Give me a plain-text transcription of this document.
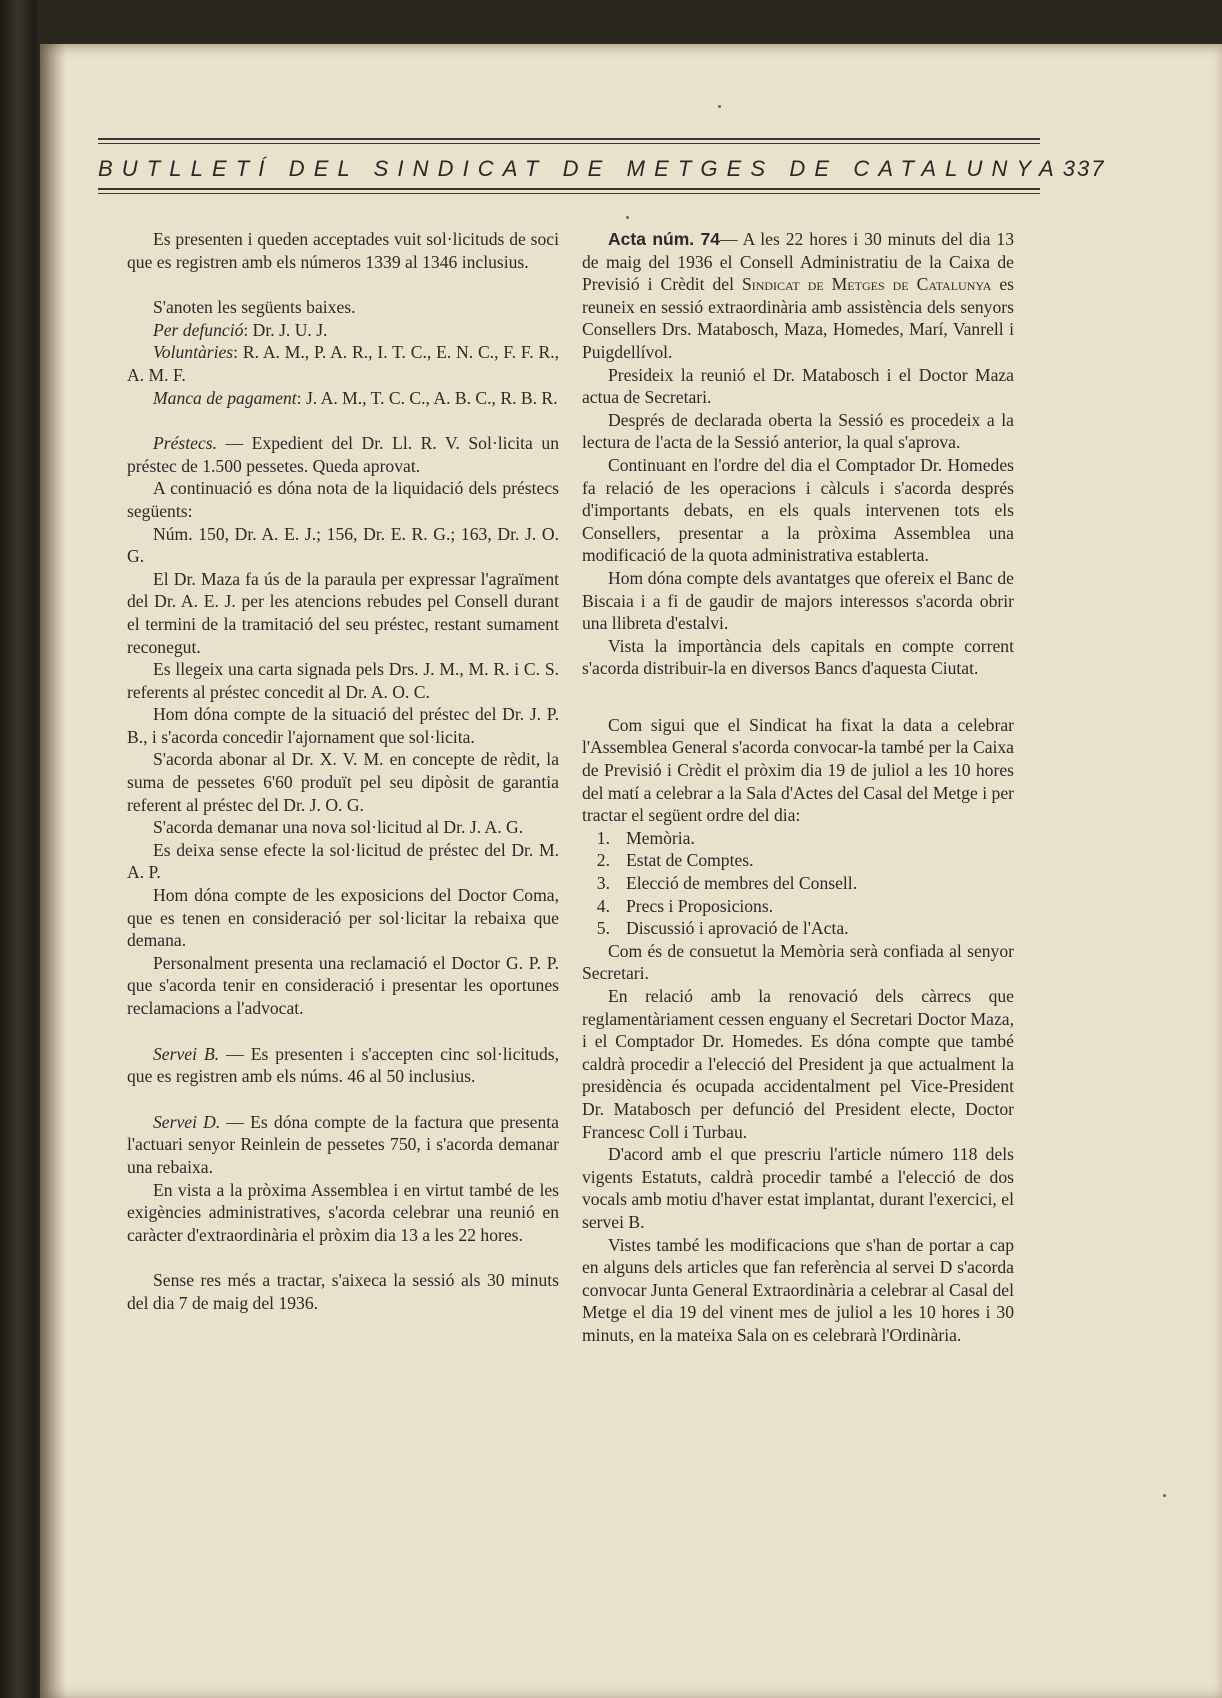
BUTLLETÍ DEL SINDICAT DE METGES DE CATALUNYA 337

Es presenten i queden acceptades vuit sol·licituds de soci que es registren amb els números 1339 al 1346 inclusius.

S'anoten les següents baixes.

Per defunció: Dr. J. U. J.

Voluntàries: R. A. M., P. A. R., I. T. C., E. N. C., F. F. R., A. M. F.

Manca de pagament: J. A. M., T. C. C., A. B. C., R. B. R.

Préstecs. — Expedient del Dr. Ll. R. V. Sol·licita un préstec de 1.500 pessetes. Queda aprovat.

A continuació es dóna nota de la liquidació dels préstecs següents:

Núm. 150, Dr. A. E. J.; 156, Dr. E. R. G.; 163, Dr. J. O. G.

El Dr. Maza fa ús de la paraula per expressar l'agraïment del Dr. A. E. J. per les atencions rebudes pel Consell durant el termini de la tramitació del seu préstec, restant sumament reconegut.

Es llegeix una carta signada pels Drs. J. M., M. R. i C. S. referents al préstec concedit al Dr. A. O. C.

Hom dóna compte de la situació del préstec del Dr. J. P. B., i s'acorda concedir l'ajornament que sol·licita.

S'acorda abonar al Dr. X. V. M. en concepte de rèdit, la suma de pessetes 6'60 produït pel seu dipòsit de garantia referent al préstec del Dr. J. O. G.

S'acorda demanar una nova sol·licitud al Dr. J. A. G.

Es deixa sense efecte la sol·licitud de préstec del Dr. M. A. P.

Hom dóna compte de les exposicions del Doctor Coma, que es tenen en consideració per sol·licitar la rebaixa que demana.

Personalment presenta una reclamació el Doctor G. P. P. que s'acorda tenir en consideració i presentar les oportunes reclamacions a l'advocat.

Servei B. — Es presenten i s'accepten cinc sol·licituds, que es registren amb els núms. 46 al 50 inclusius.

Servei D. — Es dóna compte de la factura que presenta l'actuari senyor Reinlein de pessetes 750, i s'acorda demanar una rebaixa.

En vista a la pròxima Assemblea i en virtut també de les exigències administratives, s'acorda celebrar una reunió en caràcter d'extraordinària el pròxim dia 13 a les 22 hores.

Sense res més a tractar, s'aixeca la sessió als 30 minuts del dia 7 de maig del 1936.

Acta núm. 74— A les 22 hores i 30 minuts del dia 13 de maig del 1936 el Consell Administratiu de la Caixa de Previsió i Crèdit del Sindicat de Metges de Catalunya es reuneix en sessió extraordinària amb assistència dels senyors Consellers Drs. Matabosch, Maza, Homedes, Marí, Vanrell i Puigdellívol.

Presideix la reunió el Dr. Matabosch i el Doctor Maza actua de Secretari.

Després de declarada oberta la Sessió es procedeix a la lectura de l'acta de la Sessió anterior, la qual s'aprova.

Continuant en l'ordre del dia el Comptador Dr. Homedes fa relació de les operacions i càlculs i s'acorda després d'importants debats, en els quals intervenen tots els Consellers, presentar a la pròxima Assemblea una modificació de la quota administrativa establerta.

Hom dóna compte dels avantatges que ofereix el Banc de Biscaia i a fi de gaudir de majors interessos s'acorda obrir una llibreta d'estalvi.

Vista la importància dels capitals en compte corrent s'acorda distribuir-la en diversos Bancs d'aquesta Ciutat.

Com sigui que el Sindicat ha fixat la data a celebrar l'Assemblea General s'acorda convocar-la també per la Caixa de Previsió i Crèdit el pròxim dia 19 de juliol a les 10 hores del matí a celebrar a la Sala d'Actes del Casal del Metge i per tractar el següent ordre del dia:

1. Memòria.
2. Estat de Comptes.
3. Elecció de membres del Consell.
4. Precs i Proposicions.
5. Discussió i aprovació de l'Acta.

Com és de consuetut la Memòria serà confiada al senyor Secretari.

En relació amb la renovació dels càrrecs que reglamentàriament cessen enguany el Secretari Doctor Maza, i el Comptador Dr. Homedes. Es dóna compte que també caldrà procedir a l'elecció del President ja que actualment la presidència és ocupada accidentalment pel Vice-President Dr. Matabosch per defunció del President electe, Doctor Francesc Coll i Turbau.

D'acord amb el que prescriu l'article número 118 dels vigents Estatuts, caldrà procedir també a l'elecció de dos vocals amb motiu d'haver estat implantat, durant l'exercici, el servei B.

Vistes també les modificacions que s'han de portar a cap en alguns dels articles que fan referència al servei D s'acorda convocar Junta General Extraordinària a celebrar al Casal del Metge el dia 19 del vinent mes de juliol a les 10 hores i 30 minuts, en la mateixa Sala on es celebrarà l'Ordinària.
